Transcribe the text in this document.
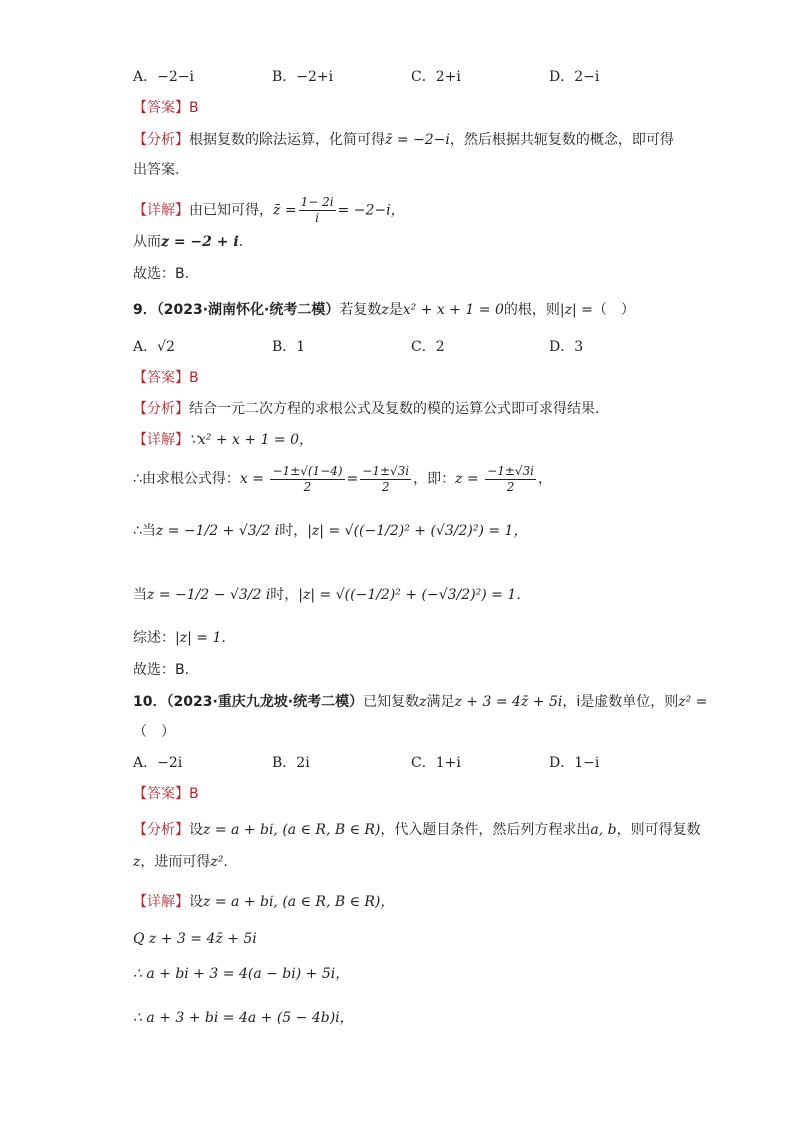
A．−2−i	B．−2+i	C．2+i	D．2−i
【答案】B
【分析】根据复数的除法运算，化简可得z̄ = −2−i，然后根据共轭复数的概念，即可得
出答案.
【详解】由已知可得，z̄ = $\frac{1- 2i}{i} = -2-i$，
从而z = −2 + i.
故选：B.
9．（2023·湖南怀化·统考二模）若复数z是x² + x + 1 = 0的根，则|z| =（　）
A．√2	B．1	C．2	D．3
【答案】B
【分析】结合一元二次方程的求根公式及复数的模的运算公式即可求得结果.
【详解】∵x² + x + 1 = 0，
∴由求根公式得：$x = \frac{-1\pm√(1-4)}{2} = \frac{-1\pm√3i}{2}$ ，即：$z = \frac{-1\pm√3i}{2}$ ，
∴当z = −1/2 + √3/2 i时，|z| = √((−1/2)² + (√3/2)²) = 1，
当z = −1/2 − √3/2 i时，|z| = √((−1/2)² + (−√3/2)²) = 1.
综述：|z| = 1.
故选：B.
10．（2023·重庆九龙坡·统考二模）已知复数z满足z + 3 = 4z̄ + 5i，i是虚数单位，则z² =
（　）
A．−2i	B．2i	C．1+i	D．1−i
【答案】B
【分析】设z = a + bi, (a ∈ R, B ∈ R)，代入题目条件，然后列方程求出a, b，则可得复数
z，进而可得z².
【详解】设z = a + bi, (a ∈ R, B ∈ R)，
Q z + 3 = 4z̄ + 5i
∴ a + bi + 3 = 4(a − bi) + 5i，
∴ a + 3 + bi = 4a + (5 − 4b)i，
